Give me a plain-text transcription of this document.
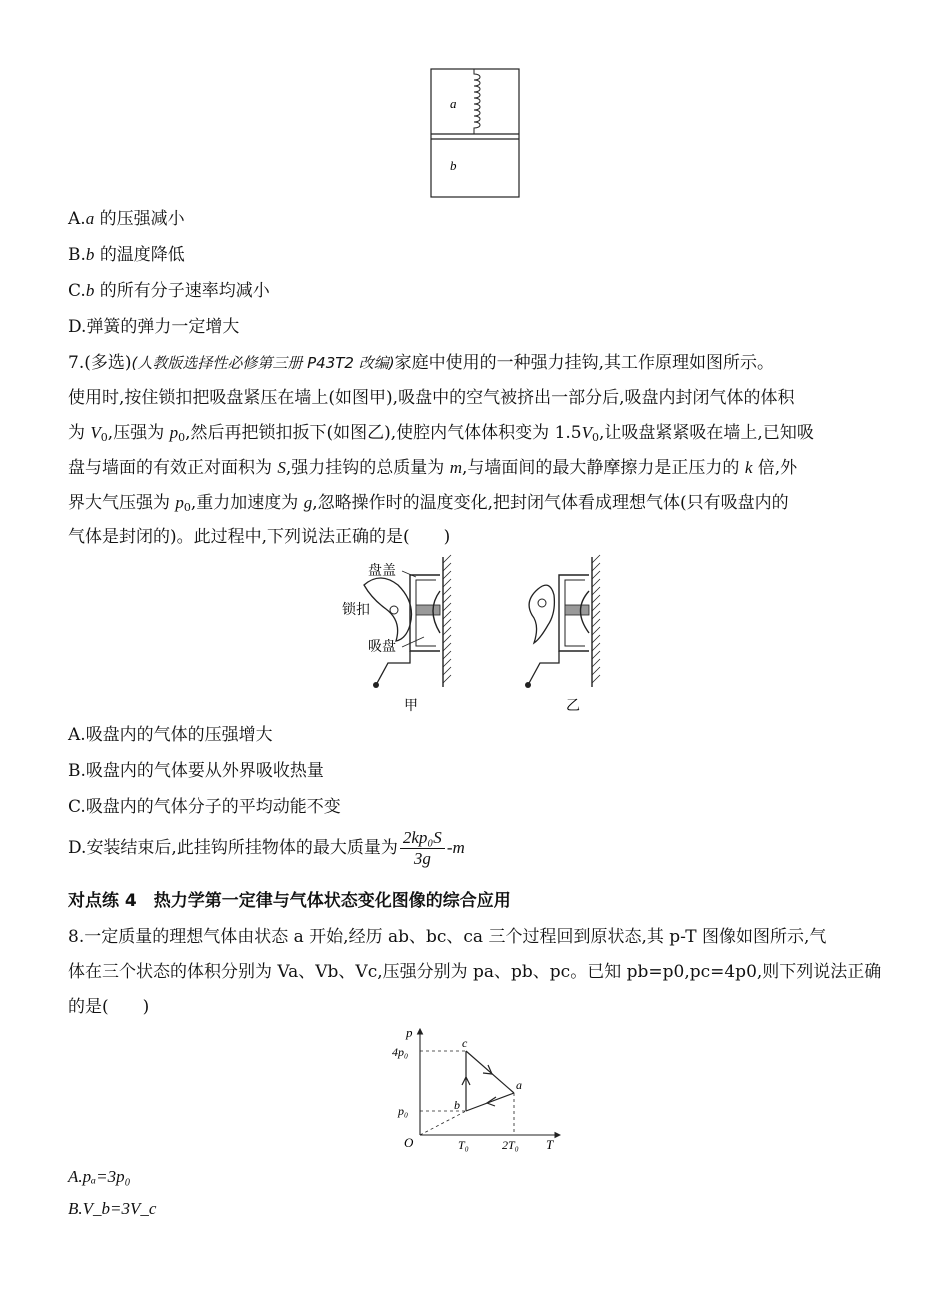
a
b
A.a 的压强减小
B.b 的温度降低
C.b 的所有分子速率均减小
D.弹簧的弹力一定增大
7.(多选)(人教版选择性必修第三册 P43T2 改编)家庭中使用的一种强力挂钩,其工作原理如图所示。
使用时,按住锁扣把吸盘紧压在墙上(如图甲),吸盘中的空气被挤出一部分后,吸盘内封闭气体的体积
为 $V_0$,压强为 $p_0$,然后再把锁扣扳下(如图乙),使腔内气体体积变为 $1.5V_0$,让吸盘紧紧吸在墙上,已知吸
盘与墙面的有效正对面积为 S,强力挂钩的总质量为 m,与墙面间的最大静摩擦力是正压力的 k 倍,外
界大气压强为 $p_0$,重力加速度为 g,忽略操作时的温度变化,把封闭气体看成理想气体(只有吸盘内的
气体是封闭的)。此过程中,下列说法正确的是(　　)
盘盖
锁扣
吸盘
甲	乙
A.吸盘内的气体的压强增大
B.吸盘内的气体要从外界吸收热量
C.吸盘内的气体分子的平均动能不变
D.安装结束后,此挂钩所挂物体的最大质量为 $\frac{\text{2kp₀S}}{3g} -m$
对点练 4　热力学第一定律与气体状态变化图像的综合应用
8.一定质量的理想气体由状态 a 开始,经历 ab、bc、ca 三个过程回到原状态,其 p-T 图像如图所示,气
体在三个状态的体积分别为 Va、Vb、Vc,压强分别为 pa、pb、pc。已知 pb=p0,pc=4p0,则下列说法正确
的是(　　)
p
T
O
4p₀
p₀
T₀	2T₀
a
b
c
A.pₐ=3p₀
B.V_b=3V_c
